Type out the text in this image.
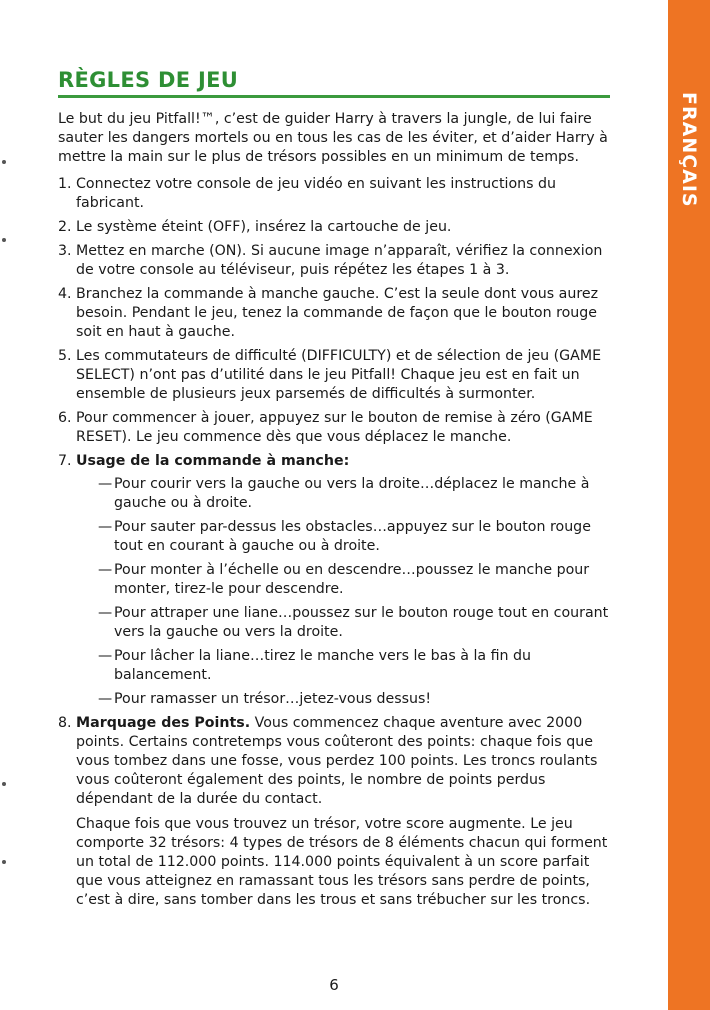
FRANÇAIS
RÈGLES DE JEU

Le but du jeu Pitfall!™, c’est de guider Harry à travers la jungle, de lui faire sauter les dangers mortels ou en tous les cas de les éviter, et d’aider Harry à mettre la main sur le plus de trésors possibles en un minimum de temps.

1. Connectez votre console de jeu vidéo en suivant les instructions du fabricant.
2. Le système éteint (OFF), insérez la cartouche de jeu.
3. Mettez en marche (ON). Si aucune image n’apparaît, vérifiez la connexion de votre console au téléviseur, puis répétez les étapes 1 à 3.
4. Branchez la commande à manche gauche. C’est la seule dont vous aurez besoin. Pendant le jeu, tenez la commande de façon que le bouton rouge soit en haut à gauche.
5. Les commutateurs de difficulté (DIFFICULTY) et de sélection de jeu (GAME SELECT) n’ont pas d’utilité dans le jeu Pitfall! Chaque jeu est en fait un ensemble de plusieurs jeux parsemés de difficultés à surmonter.
6. Pour commencer à jouer, appuyez sur le bouton de remise à zéro (GAME RESET). Le jeu commence dès que vous déplacez le manche.
7. Usage de la commande à manche:
— Pour courir vers la gauche ou vers la droite…déplacez le manche à gauche ou à droite.
— Pour sauter par-dessus les obstacles…appuyez sur le bouton rouge tout en courant à gauche ou à droite.
— Pour monter à l’échelle ou en descendre…poussez le manche pour monter, tirez-le pour descendre.
— Pour attraper une liane…poussez sur le bouton rouge tout en courant vers la gauche ou vers la droite.
— Pour lâcher la liane…tirez le manche vers le bas à la fin du balancement.
— Pour ramasser un trésor…jetez-vous dessus!
8. Marquage des Points. Vous commencez chaque aventure avec 2000 points. Certains contretemps vous coûteront des points: chaque fois que vous tombez dans une fosse, vous perdez 100 points. Les troncs roulants vous coûteront également des points, le nombre de points perdus dépendant de la durée du contact.

Chaque fois que vous trouvez un trésor, votre score augmente. Le jeu comporte 32 trésors: 4 types de trésors de 8 éléments chacun qui forment un total de 112.000 points. 114.000 points équivalent à un score parfait que vous atteignez en ramassant tous les trésors sans perdre de points, c’est à dire, sans tomber dans les trous et sans trébucher sur les troncs.

6
